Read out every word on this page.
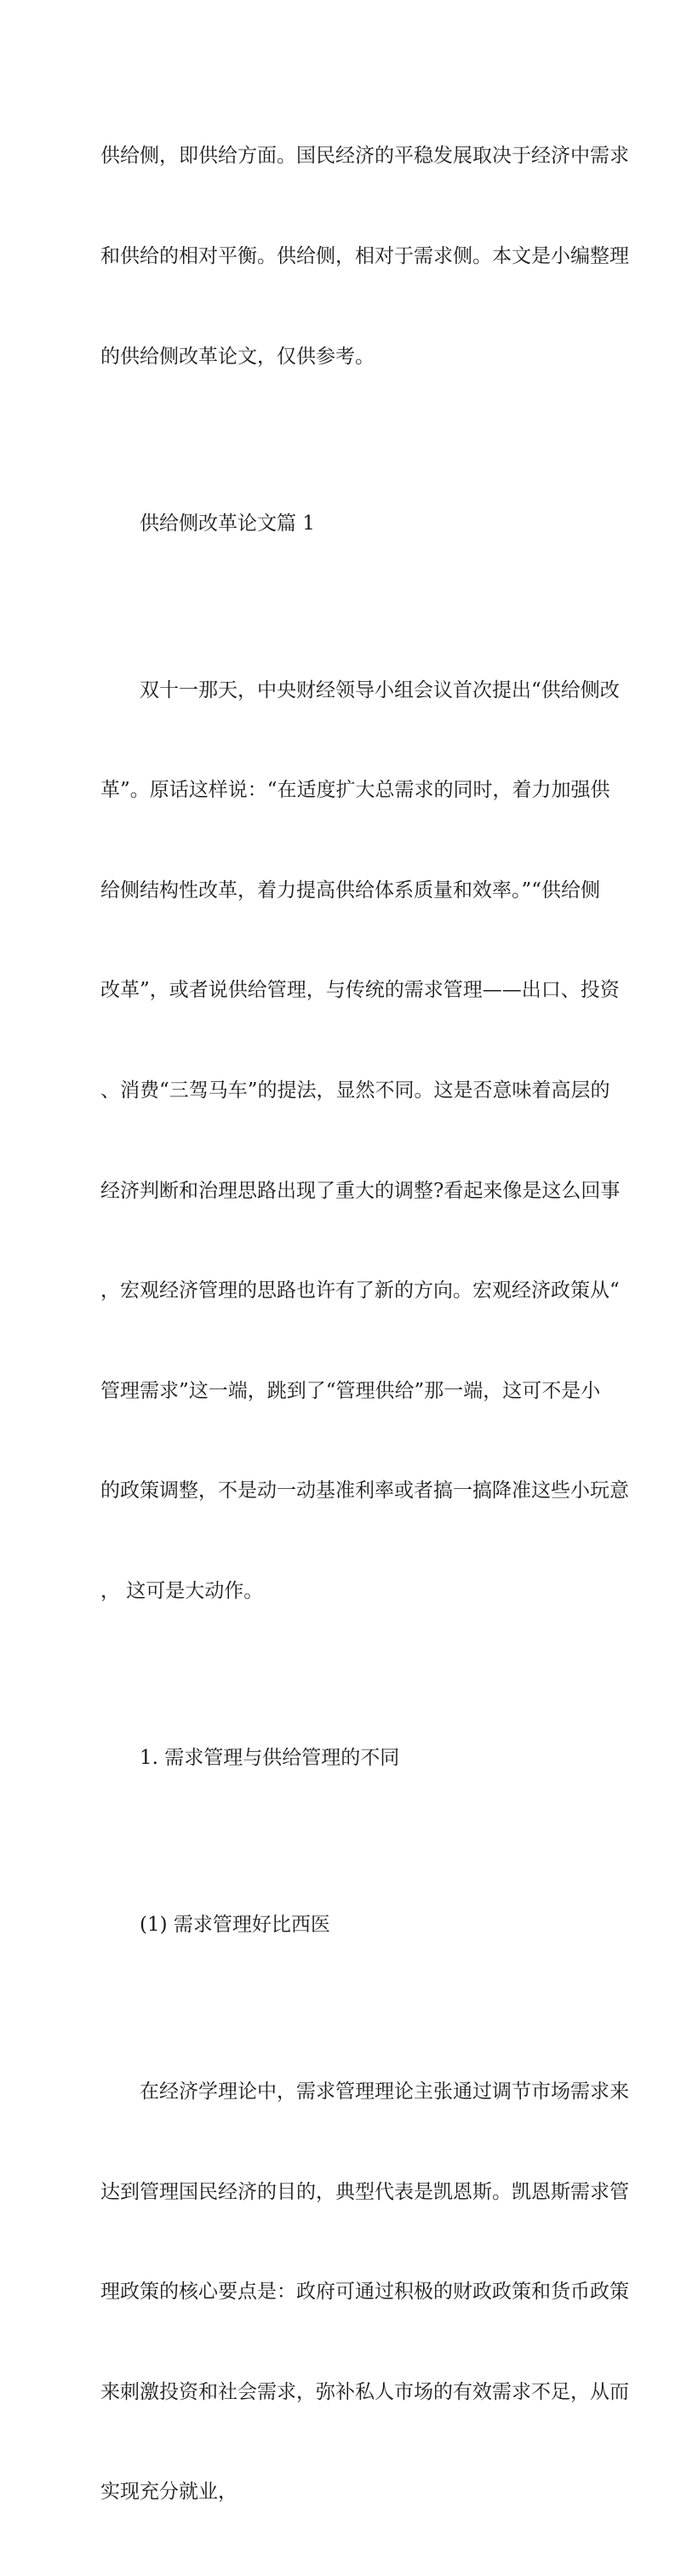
供给侧，即供给方面。国民经济的平稳发展取决于经济中需求

和供给的相对平衡。供给侧，相对于需求侧。本文是小编整理

的供给侧改革论文，仅供参考。

供给侧改革论文篇 1

双十一那天，中央财经领导小组会议首次提出“供给侧改

革”。原话这样说：“在适度扩大总需求的同时，着力加强供

给侧结构性改革，着力提高供给体系质量和效率。”“供给侧

改革”，或者说供给管理，与传统的需求管理——出口、投资

、消费“三驾马车”的提法，显然不同。这是否意味着高层的

经济判断和治理思路出现了重大的调整?看起来像是这么回事

，宏观经济管理的思路也许有了新的方向。宏观经济政策从“

管理需求”这一端，跳到了“管理供给”那一端，这可不是小

的政策调整，不是动一动基准利率或者搞一搞降准这些小玩意

， 这可是大动作。

1. 需求管理与供给管理的不同

(1) 需求管理好比西医

在经济学理论中，需求管理理论主张通过调节市场需求来

达到管理国民经济的目的，典型代表是凯恩斯。凯恩斯需求管

理政策的核心要点是：政府可通过积极的财政政策和货币政策

来刺激投资和社会需求，弥补私人市场的有效需求不足，从而

实现充分就业，
